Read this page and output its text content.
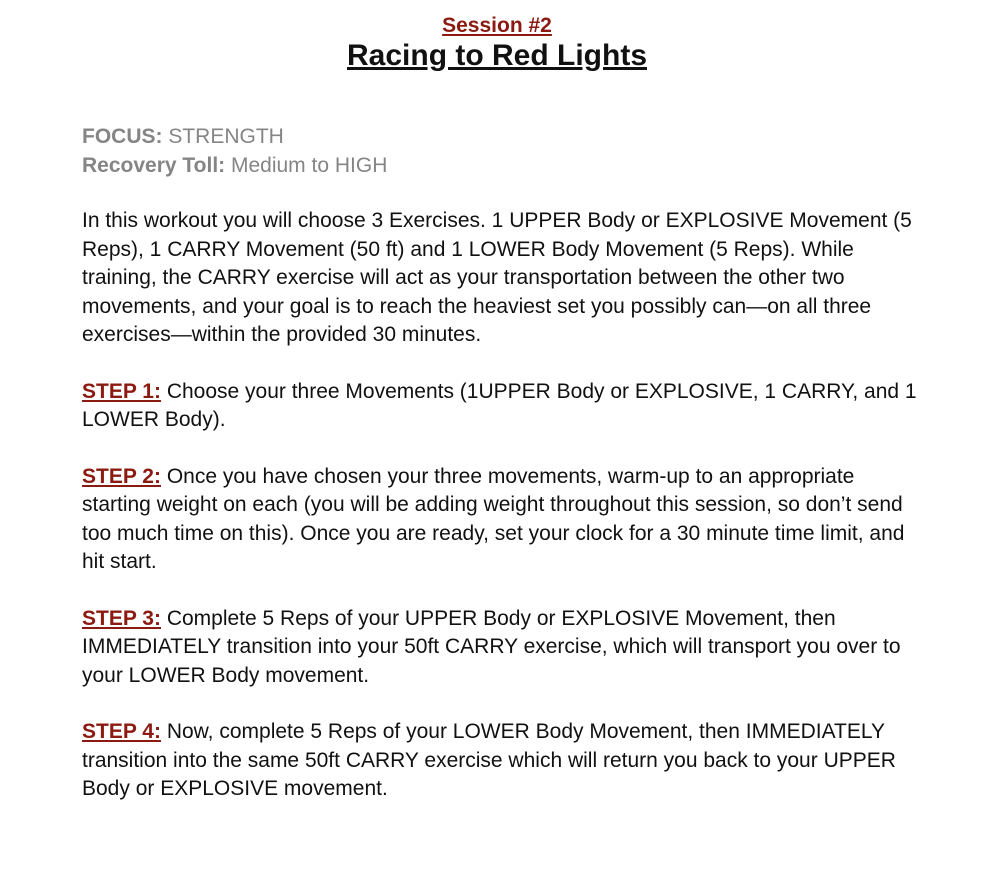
Session #2
Racing to Red Lights
FOCUS: STRENGTH
Recovery Toll: Medium to HIGH

In this workout you will choose 3 Exercises. 1 UPPER Body or EXPLOSIVE Movement (5 Reps), 1 CARRY Movement (50 ft) and 1 LOWER Body Movement (5 Reps). While training, the CARRY exercise will act as your transportation between the other two movements, and your goal is to reach the heaviest set you possibly can—on all three exercises—within the provided 30 minutes.

STEP 1: Choose your three Movements (1UPPER Body or EXPLOSIVE, 1 CARRY, and 1 LOWER Body).

STEP 2: Once you have chosen your three movements, warm-up to an appropriate starting weight on each (you will be adding weight throughout this session, so don’t send too much time on this). Once you are ready, set your clock for a 30 minute time limit, and hit start.

STEP 3: Complete 5 Reps of your UPPER Body or EXPLOSIVE Movement, then IMMEDIATELY transition into your 50ft CARRY exercise, which will transport you over to your LOWER Body movement.

STEP 4: Now, complete 5 Reps of your LOWER Body Movement, then IMMEDIATELY transition into the same 50ft CARRY exercise which will return you back to your UPPER Body or EXPLOSIVE movement.
